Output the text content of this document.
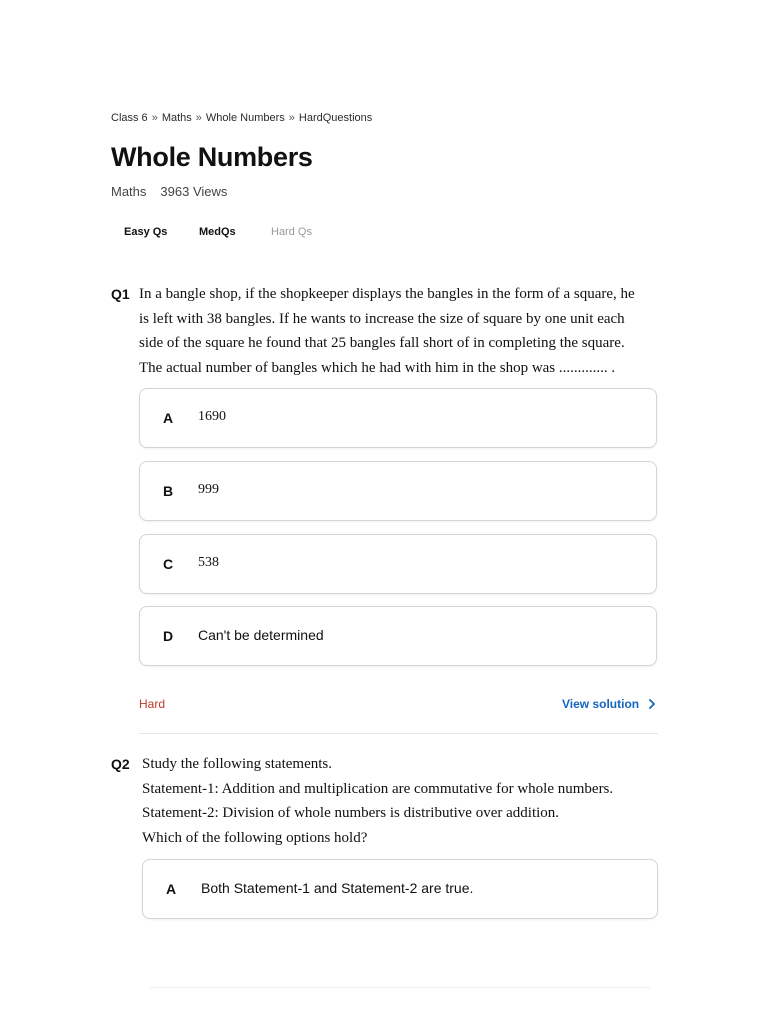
Class 6 » Maths » Whole Numbers » HardQuestions
Whole Numbers
Maths 3963 Views
Easy Qs	MedQs	Hard Qs
Q1 In a bangle shop, if the shopkeeper displays the bangles in the form of a square, he
is left with 38 bangles. If he wants to increase the size of square by one unit each
side of the square he found that 25 bangles fall short of in completing the square.
The actual number of bangles which he had with him in the shop was ............. .
A 1690
B 999
C 538
D Can't be determined
Hard	View solution
Q2 Study the following statements.
Statement-1: Addition and multiplication are commutative for whole numbers.
Statement-2: Division of whole numbers is distributive over addition.
Which of the following options hold?
A Both Statement-1 and Statement-2 are true.
